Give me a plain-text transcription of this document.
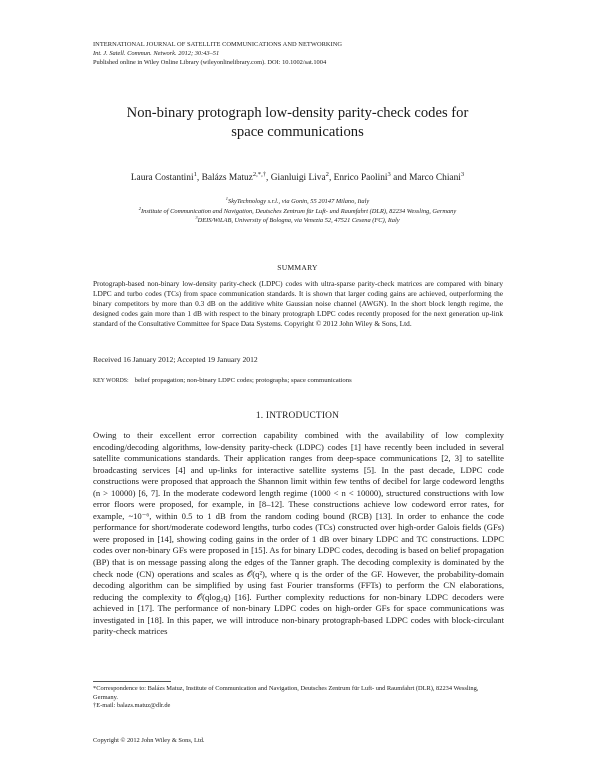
INTERNATIONAL JOURNAL OF SATELLITE COMMUNICATIONS AND NETWORKING
Int. J. Satell. Commun. Network. 2012; 30:43–51
Published online in Wiley Online Library (wileyonlinelibrary.com). DOI: 10.1002/sat.1004
Non-binary protograph low-density parity-check codes for
space communications
Laura Costantini$^1$, Balázs Matuz$^{2,*,\dagger}$, Gianluigi Liva$^2$, Enrico Paolini$^3$ and Marco Chiani$^3$
$^1$SkyTechnology s.r.l., via Gonin, 55 20147 Milano, Italy
$^2$Institute of Communication and Navigation, Deutsches Zentrum für Luft- und Raumfahrt (DLR), 82234 Wessling, Germany
$^3$DEIS/WiLAB, University of Bologna, via Venezia 52, 47521 Cesena (FC), Italy
SUMMARY
Protograph-based non-binary low-density parity-check (LDPC) codes with ultra-sparse parity-check matrices are compared with binary LDPC and turbo codes (TCs) from space communication standards. It is shown that larger coding gains are achieved, outperforming the binary competitors by more than 0.3 dB on the additive white Gaussian noise channel (AWGN). In the short block length regime, the designed codes gain more than 1 dB with respect to the binary protograph LDPC codes recently proposed for the next generation up-link standard of the Consultative Committee for Space Data Systems. Copyright © 2012 John Wiley & Sons, Ltd.
Received 16 January 2012; Accepted 19 January 2012
KEY WORDS: belief propagation; non-binary LDPC codes; protographs; space communications
1. INTRODUCTION

Owing to their excellent error correction capability combined with the availability of low complexity encoding/decoding algorithms, low-density parity-check (LDPC) codes [1] have recently been included in several satellite communications standards. Their application ranges from deep-space communications [2, 3] to satellite broadcasting services [4] and up-links for interactive satellite systems [5]. In the past decade, LDPC code constructions were proposed that approach the Shannon limit within few tenths of decibel for large codeword lengths (n > 10000) [6, 7]. In the moderate codeword length regime (1000 < n < 10000), structured constructions with low error floors were proposed, for example, in [8–12]. These constructions achieve low codeword error rates, for example, ~10⁻⁶, within 0.5 to 1 dB from the random coding bound (RCB) [13]. In order to enhance the code performance for short/moderate codeword lengths, turbo codes (TCs) constructed over high-order Galois fields (GFs) were proposed in [14], showing coding gains in the order of 1 dB over binary LDPC and TC constructions. LDPC codes over non-binary GFs were proposed in [15]. As for binary LDPC codes, decoding is based on belief propagation (BP) that is on message passing along the edges of the Tanner graph. The decoding complexity is dominated by the check node (CN) operations and scales as 𝒪(q²), where q is the order of the GF. However, the probability-domain decoding algorithm can be simplified by using fast Fourier transforms (FFTs) to perform the CN elaborations, reducing the complexity to 𝒪(qlog₂q) [16]. Further complexity reductions for non-binary LDPC decoders were achieved in [17]. The performance of non-binary LDPC codes on high-order GFs for space communications was investigated in [18]. In this paper, we will introduce non-binary protograph-based LDPC codes with block-circulant parity-check matrices

*Correspondence to: Balázs Matuz, Institute of Communication and Navigation, Deutsches Zentrum für Luft- und Raumfahrt (DLR), 82234 Wessling, Germany.
†E-mail: balazs.matuz@dlr.de
Copyright © 2012 John Wiley & Sons, Ltd.
